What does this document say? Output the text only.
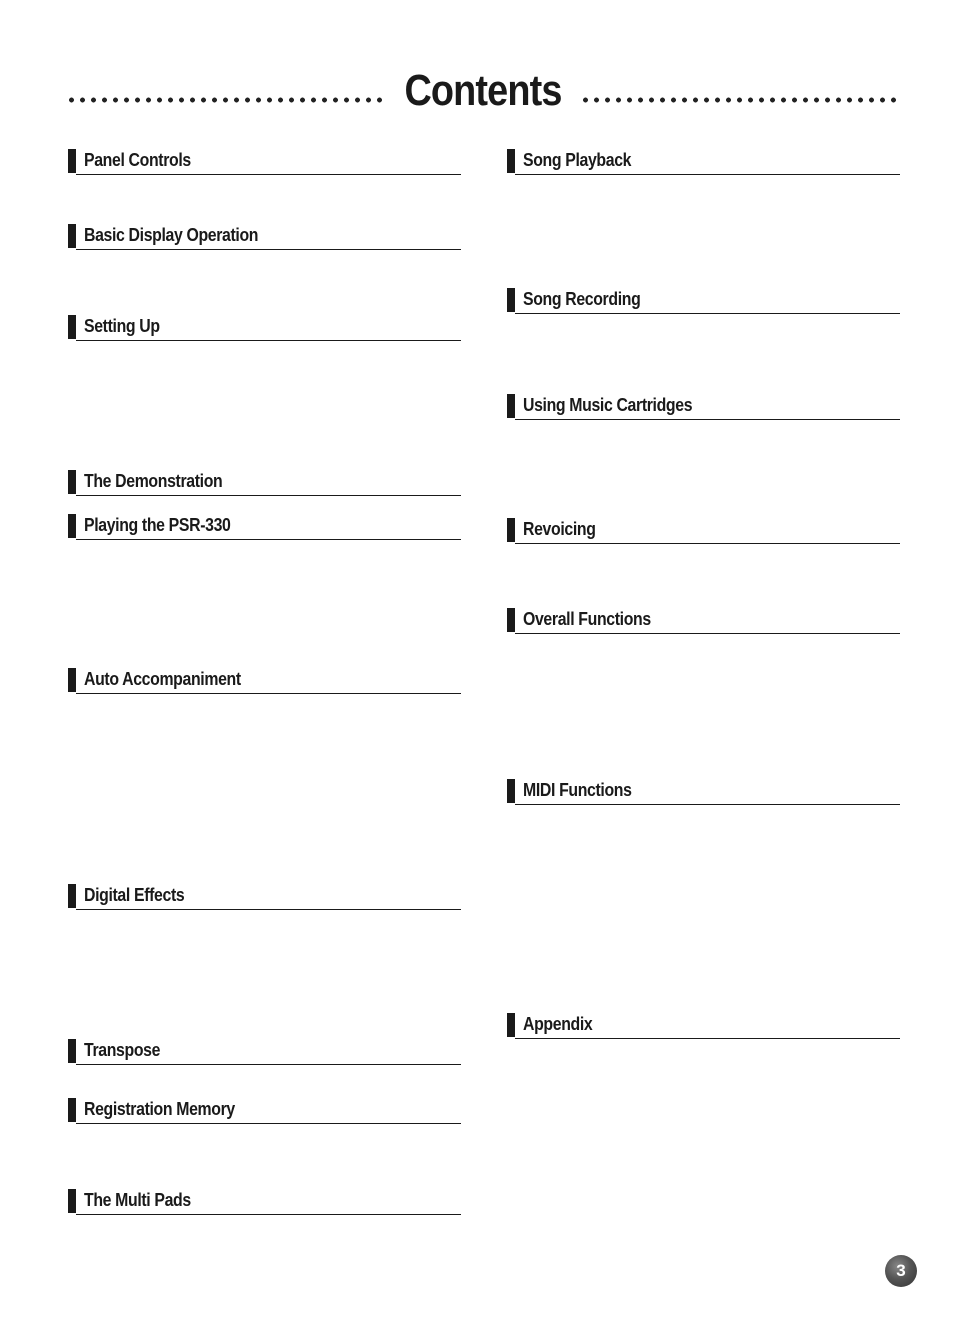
Contents
Panel Controls
Basic Display Operation
Setting Up
The Demonstration
Playing the PSR-330
Auto Accompaniment
Digital Effects
Transpose
Registration Memory
The Multi Pads
Song Playback
Song Recording
Using Music Cartridges
Revoicing
Overall Functions
MIDI Functions
Appendix
3
